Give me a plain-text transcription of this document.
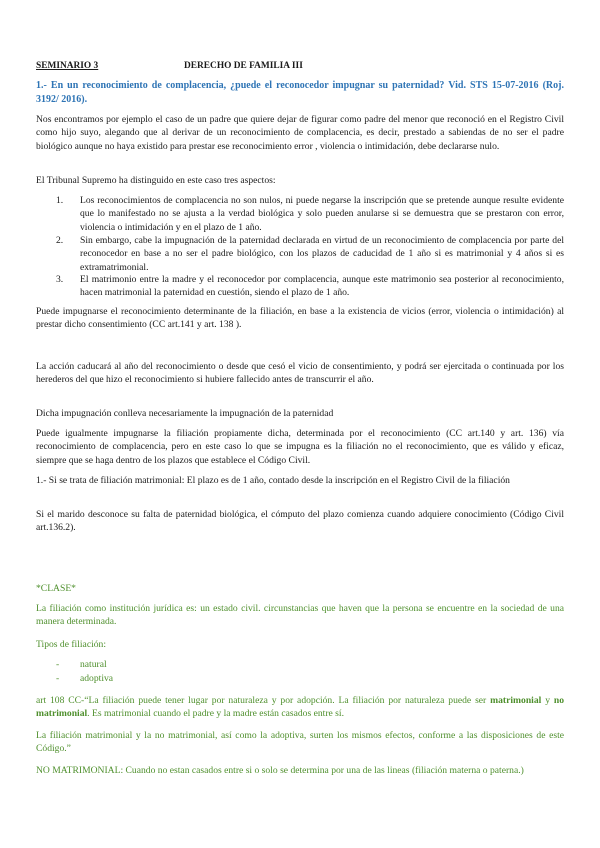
SEMINARIO 3	DERECHO DE FAMILIA III
1.- En un reconocimiento de complacencia, ¿puede el reconocedor impugnar su paternidad? Vid. STS 15-07-2016 (Roj. 3192/ 2016).
Nos encontramos por ejemplo el caso de un padre que quiere dejar de figurar como padre del menor que reconoció en el Registro Civil como hijo suyo, alegando que al derivar de un reconocimiento de complacencia, es decir, prestado a sabiendas de no ser el padre biológico aunque no haya existido para prestar ese reconocimiento error , violencia o intimidación, debe declararse nulo.
El Tribunal Supremo ha distinguido en este caso tres aspectos:
1.	Los reconocimientos de complacencia no son nulos, ni puede negarse la inscripción que se pretende aunque resulte evidente que lo manifestado no se ajusta a la verdad biológica y solo pueden anularse si se demuestra que se prestaron con error, violencia o intimidación y en el plazo de 1 año.
2.	Sin embargo, cabe la impugnación de la paternidad declarada en virtud de un reconocimiento de complacencia por parte del reconocedor en base a no ser el padre biológico, con los plazos de caducidad de 1 año si es matrimonial y 4 años si es extramatrimonial.
3.	El matrimonio entre la madre y el reconocedor por complacencia, aunque este matrimonio sea posterior al reconocimiento, hacen matrimonial la paternidad en cuestión, siendo el plazo de 1 año.
Puede impugnarse el reconocimiento determinante de la filiación, en base a la existencia de vicios (error, violencia o intimidación) al prestar dicho consentimiento (CC art.141 y art. 138 ).
La acción caducará al año del reconocimiento o desde que cesó el vicio de consentimiento, y podrá ser ejercitada o continuada por los herederos del que hizo el reconocimiento si hubiere fallecido antes de transcurrir el año.
Dicha impugnación conlleva necesariamente la impugnación de la paternidad
Puede igualmente impugnarse la filiación propiamente dicha, determinada por el reconocimiento (CC art.140 y art. 136) vía reconocimiento de complacencia, pero en este caso lo que se impugna es la filiación no el reconocimiento, que es válido y eficaz, siempre que se haga dentro de los plazos que establece el Código Civil.
1.- Si se trata de filiación matrimonial: El plazo es de 1 año, contado desde la inscripción en el Registro Civil de la filiación
Si el marido desconoce su falta de paternidad biológica, el cómputo del plazo comienza cuando adquiere conocimiento (Código Civil art.136.2).
*CLASE*
La filiación como institución jurídica es: un estado civil. circunstancias que haven que la persona se encuentre en la sociedad de una manera determinada.
Tipos de filiación:
- natural
- adoptiva
art 108 CC-“La filiación puede tener lugar por naturaleza y por adopción. La filiación por naturaleza puede ser matrimonial y no matrimonial. Es matrimonial cuando el padre y la madre están casados entre sí.
La filiación matrimonial y la no matrimonial, así como la adoptiva, surten los mismos efectos, conforme a las disposiciones de este Código.”
NO MATRIMONIAL: Cuando no estan casados entre si o solo se determina por una de las lineas (filiación materna o paterna.)
